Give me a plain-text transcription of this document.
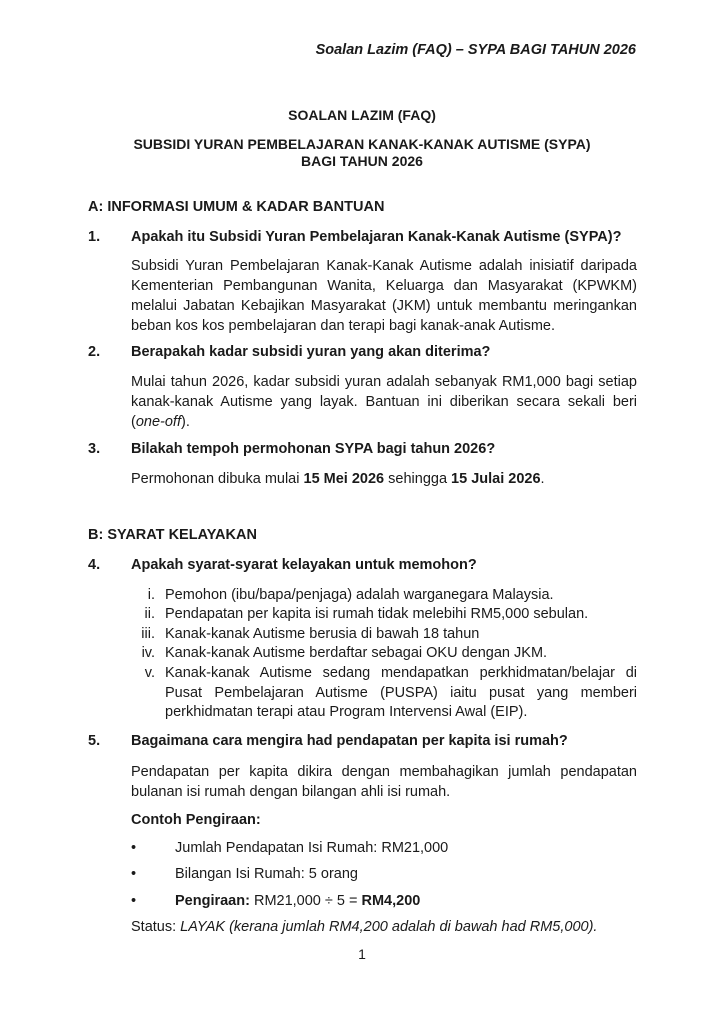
Soalan Lazim (FAQ) – SYPA BAGI TAHUN 2026
SOALAN LAZIM (FAQ)
SUBSIDI YURAN PEMBELAJARAN KANAK-KANAK AUTISME (SYPA)
BAGI TAHUN 2026
A: INFORMASI UMUM & KADAR BANTUAN
1. Apakah itu Subsidi Yuran Pembelajaran Kanak-Kanak Autisme (SYPA)?
Subsidi Yuran Pembelajaran Kanak-Kanak Autisme adalah inisiatif daripada Kementerian Pembangunan Wanita, Keluarga dan Masyarakat (KPWKM) melalui Jabatan Kebajikan Masyarakat (JKM) untuk membantu meringankan beban kos kos pembelajaran dan terapi bagi kanak-anak Autisme.
2. Berapakah kadar subsidi yuran yang akan diterima?
Mulai tahun 2026, kadar subsidi yuran adalah sebanyak RM1,000 bagi setiap kanak-kanak Autisme yang layak. Bantuan ini diberikan secara sekali beri (one-off).
3. Bilakah tempoh permohonan SYPA bagi tahun 2026?
Permohonan dibuka mulai 15 Mei 2026 sehingga 15 Julai 2026.
B: SYARAT KELAYAKAN
4. Apakah syarat-syarat kelayakan untuk memohon?
i. Pemohon (ibu/bapa/penjaga) adalah warganegara Malaysia.
ii. Pendapatan per kapita isi rumah tidak melebihi RM5,000 sebulan.
iii. Kanak-kanak Autisme berusia di bawah 18 tahun
iv. Kanak-kanak Autisme berdaftar sebagai OKU dengan JKM.
v. Kanak-kanak Autisme sedang mendapatkan perkhidmatan/belajar di Pusat Pembelajaran Autisme (PUSPA) iaitu pusat yang memberi perkhidmatan terapi atau Program Intervensi Awal (EIP).
5. Bagaimana cara mengira had pendapatan per kapita isi rumah?
Pendapatan per kapita dikira dengan membahagikan jumlah pendapatan bulanan isi rumah dengan bilangan ahli isi rumah.
Contoh Pengiraan:
•	Jumlah Pendapatan Isi Rumah: RM21,000
•	Bilangan Isi Rumah: 5 orang
•	Pengiraan: RM21,000 ÷ 5 = RM4,200
Status: LAYAK (kerana jumlah RM4,200 adalah di bawah had RM5,000).
1
